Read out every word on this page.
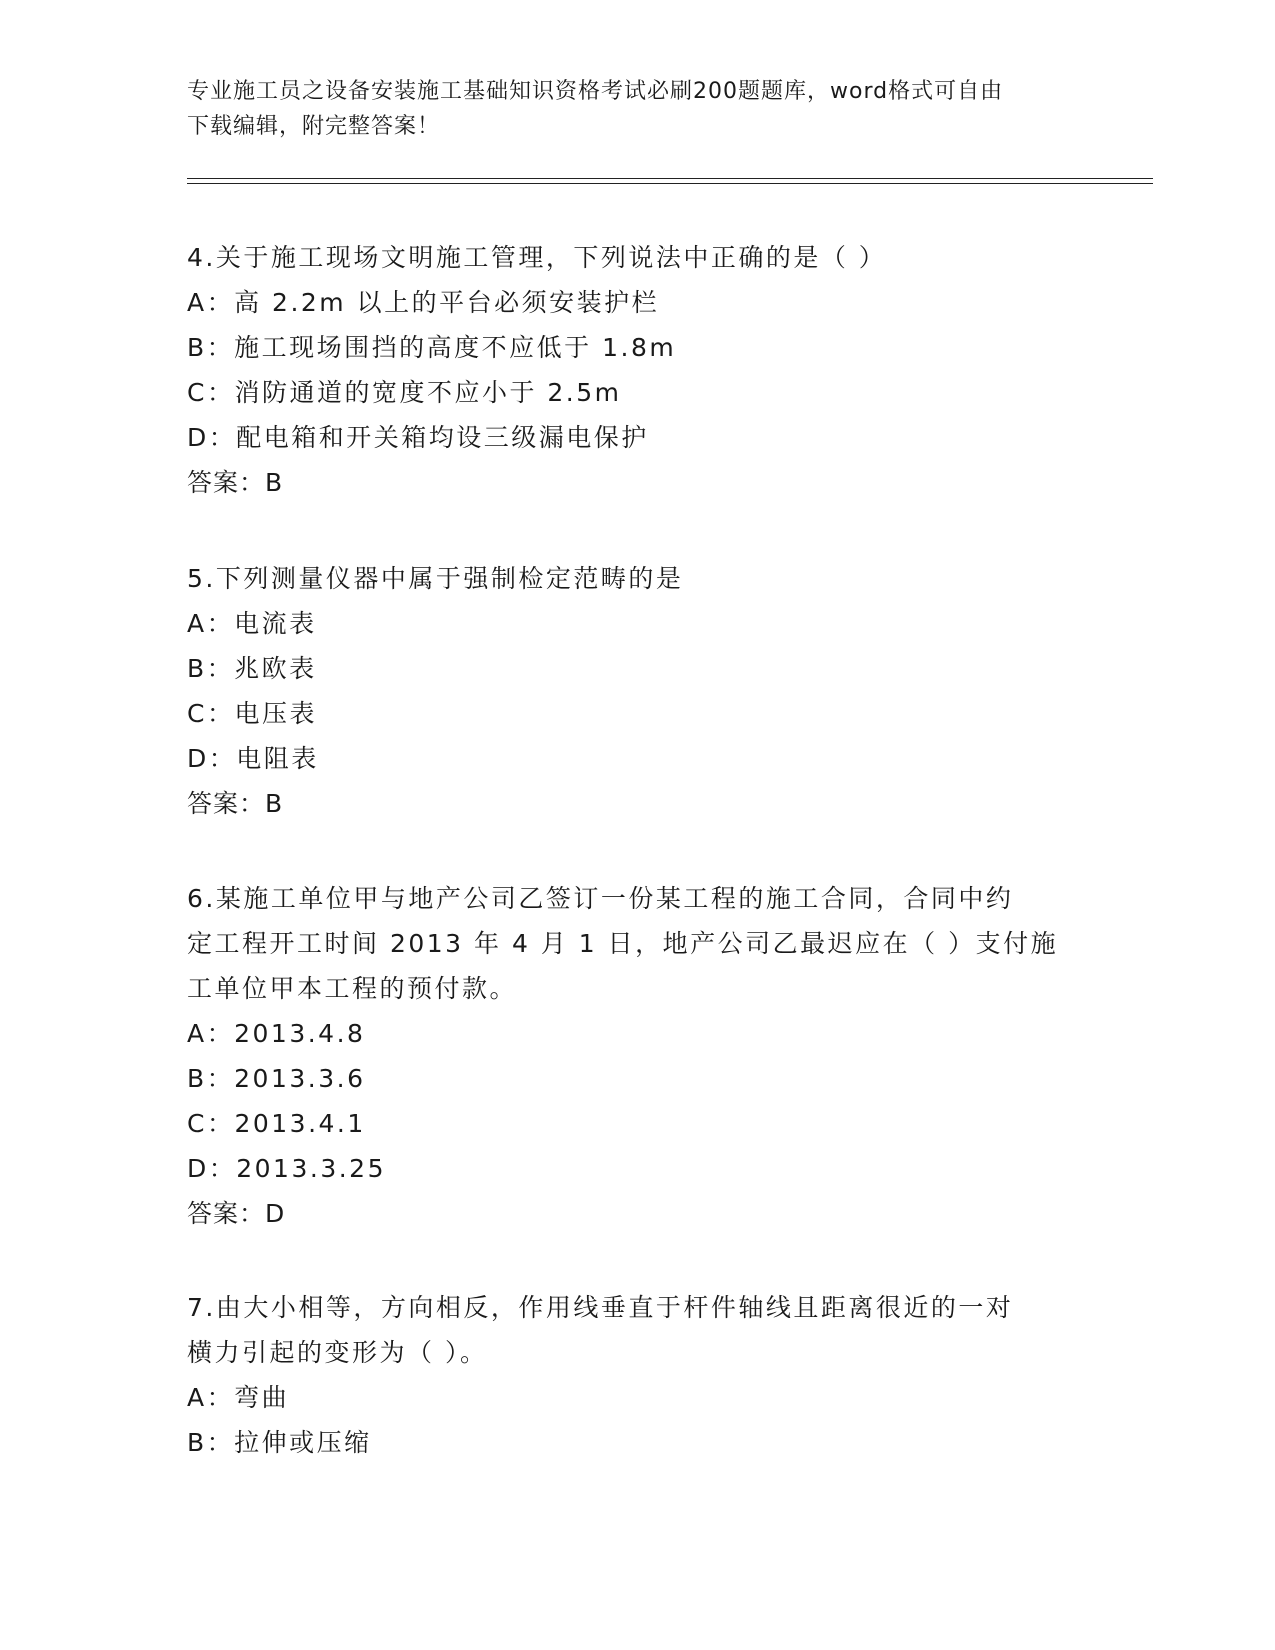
专业施工员之设备安装施工基础知识资格考试必刷200题题库，word格式可自由
下载编辑，附完整答案！
4.关于施工现场文明施工管理，下列说法中正确的是（ ）
A：高 2.2m 以上的平台必须安装护栏
B：施工现场围挡的高度不应低于 1.8m
C：消防通道的宽度不应小于 2.5m
D：配电箱和开关箱均设三级漏电保护
答案：B
5.下列测量仪器中属于强制检定范畴的是
A：电流表
B：兆欧表
C：电压表
D：电阻表
答案：B
6.某施工单位甲与地产公司乙签订一份某工程的施工合同，合同中约
定工程开工时间 2013 年 4 月 1 日，地产公司乙最迟应在（ ）支付施
工单位甲本工程的预付款。
A：2013.4.8
B：2013.3.6
C：2013.4.1
D：2013.3.25
答案：D
7.由大小相等，方向相反，作用线垂直于杆件轴线且距离很近的一对
横力引起的变形为（ ）。
A：弯曲
B：拉伸或压缩
